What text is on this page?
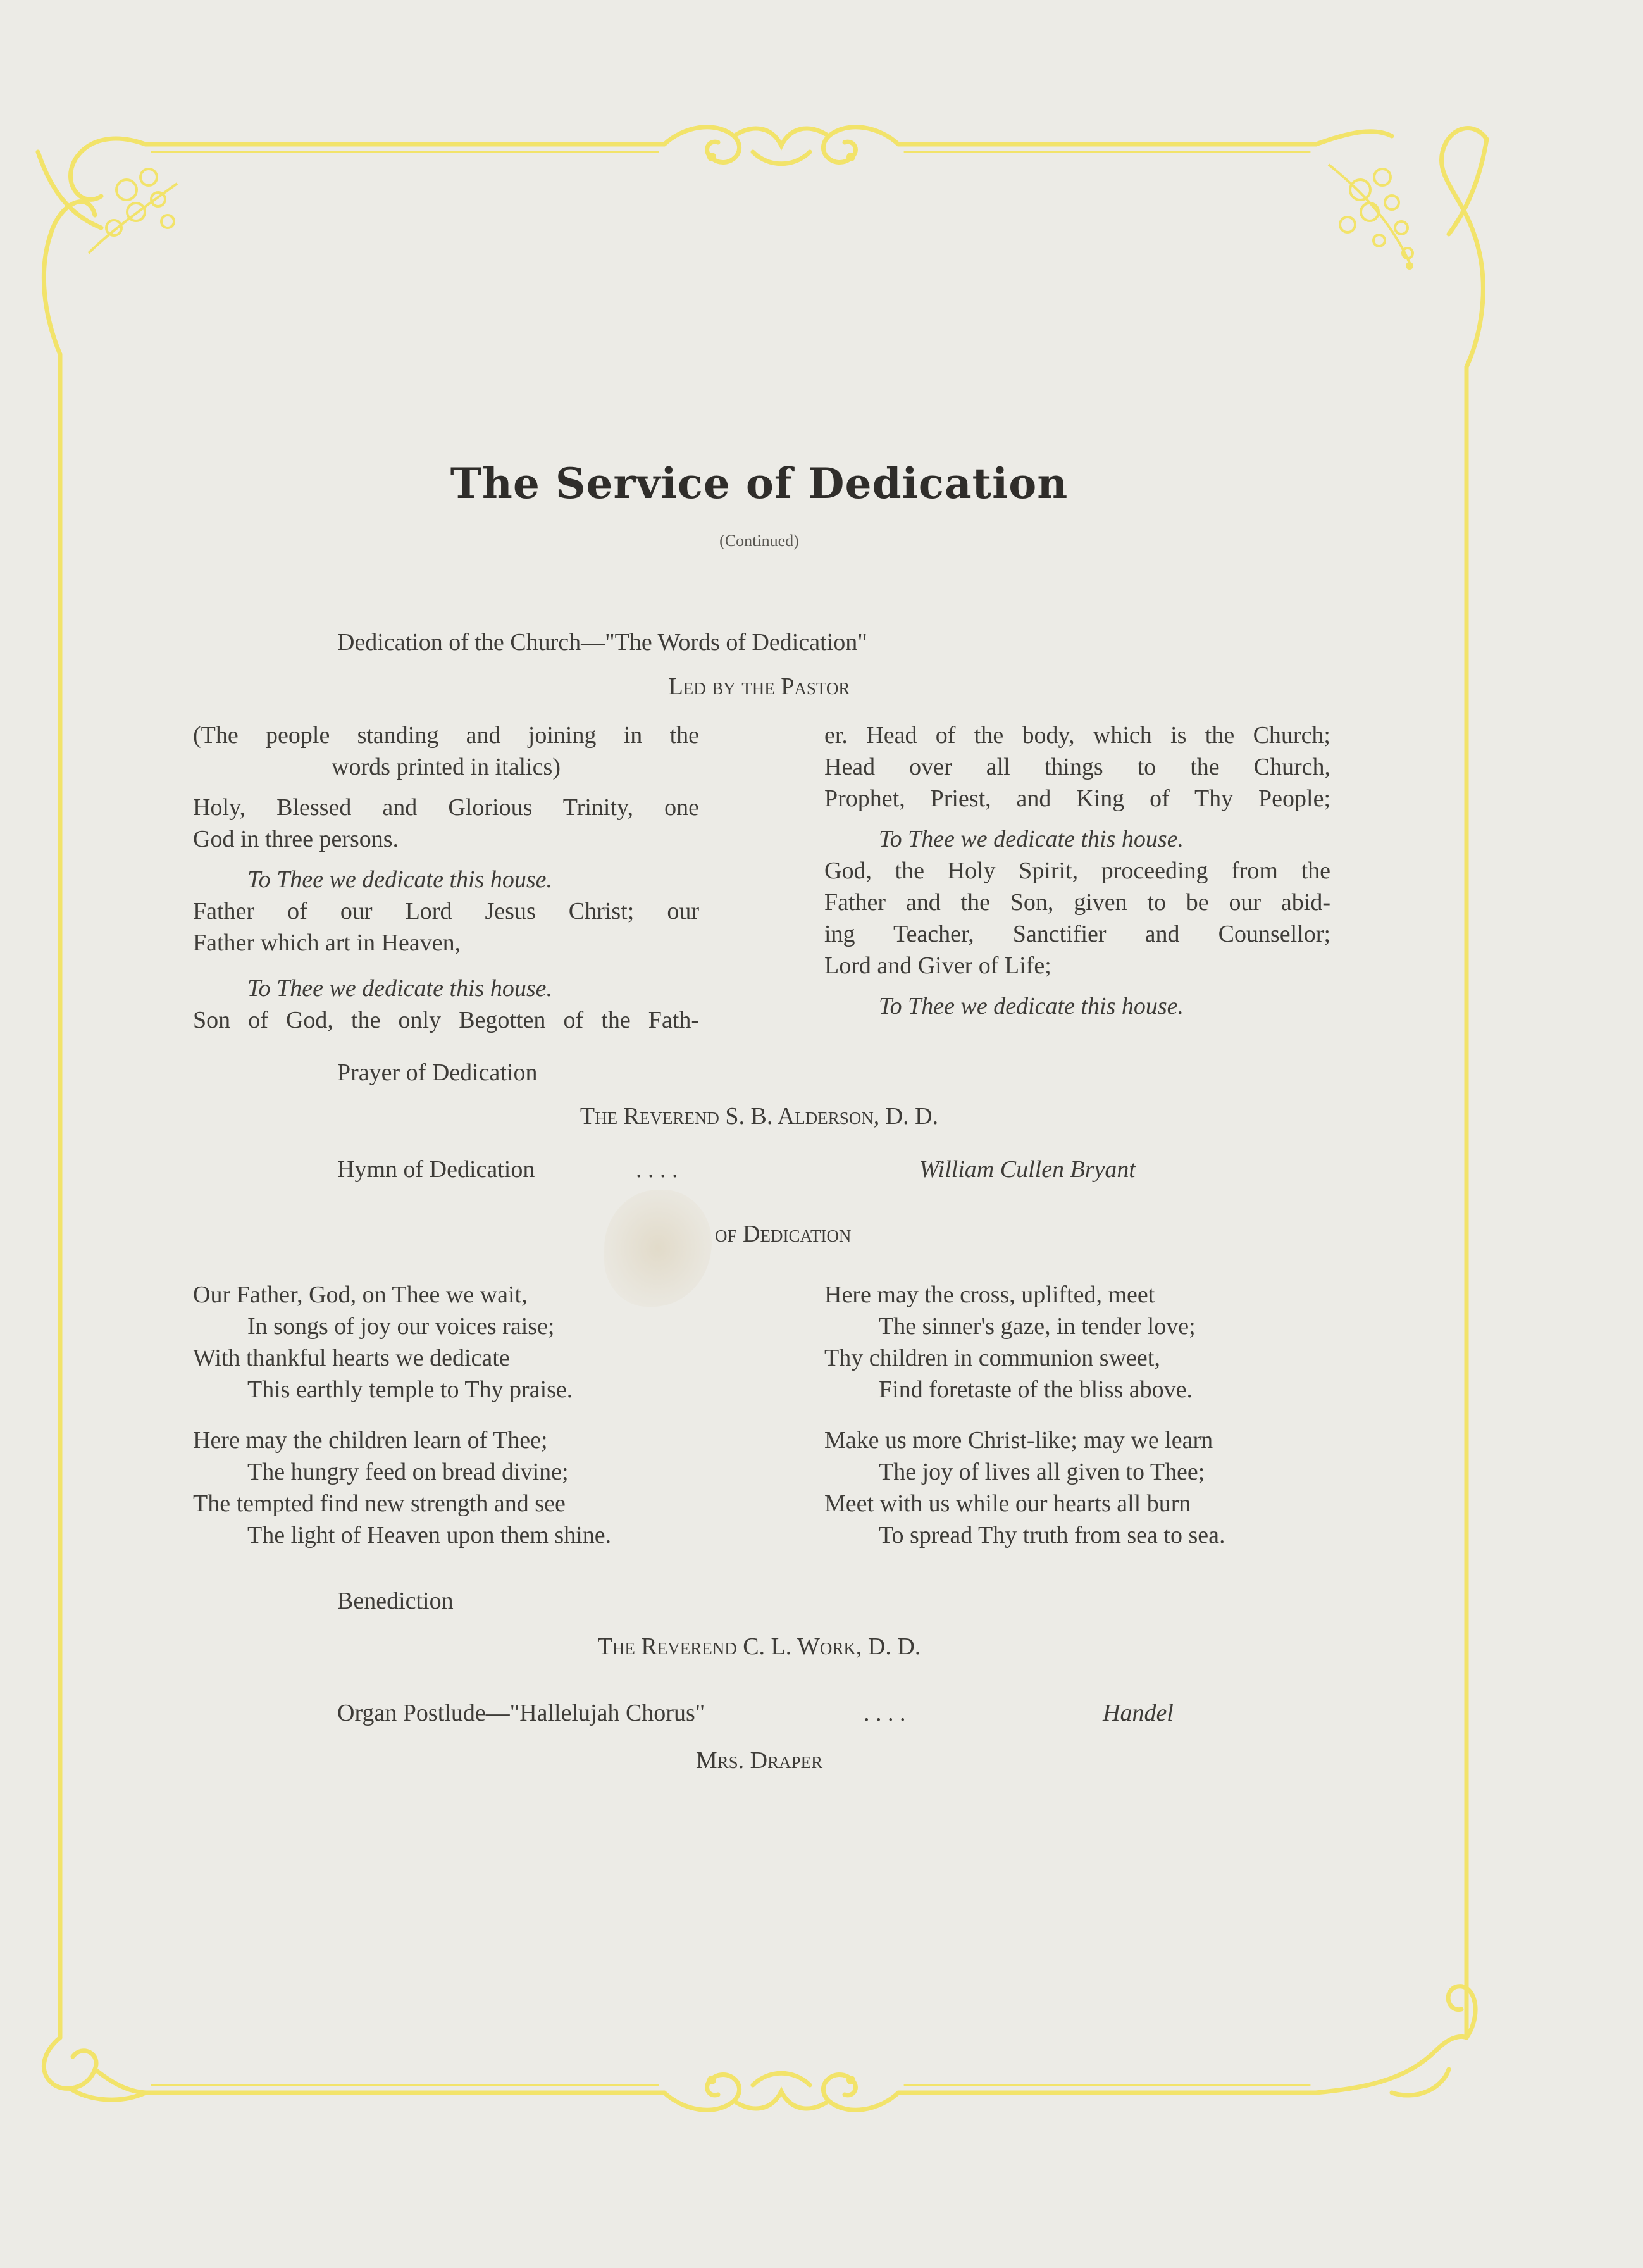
The Service of Dedication
(Continued)
Dedication of the Church—"The Words of Dedication"
Led by the Pastor

(The people standing and joining in the

words printed in italics)

Holy, Blessed and Glorious Trinity, one

God in three persons.

To Thee we dedicate this house.

Father of our Lord Jesus Christ; our

Father which art in Heaven,

To Thee we dedicate this house.

Son of God, the only Begotten of the Fath-

er. Head of the body, which is the Church;

Head over all things to the Church,

Prophet, Priest, and King of Thy People;

To Thee we dedicate this house.

God, the Holy Spirit, proceeding from the

Father and the Son, given to be our abid-

ing Teacher, Sanctifier and Counsellor;

Lord and Giver of Life;

To Thee we dedicate this house.

Prayer of Dedication
The Reverend S. B. Alderson, D. D.
Hymn of Dedication	. . . .	William Cullen Bryant
of Dedication

Our Father, God, on Thee we wait,

In songs of joy our voices raise;

With thankful hearts we dedicate

This earthly temple to Thy praise.

Here may the children learn of Thee;

The hungry feed on bread divine;

The tempted find new strength and see

The light of Heaven upon them shine.

Here may the cross, uplifted, meet

The sinner's gaze, in tender love;

Thy children in communion sweet,

Find foretaste of the bliss above.

Make us more Christ-like; may we learn

The joy of lives all given to Thee;

Meet with us while our hearts all burn

To spread Thy truth from sea to sea.

Benediction
The Reverend C. L. Work, D. D.
Organ Postlude—"Hallelujah Chorus"	. . . .	Handel
Mrs. Draper
